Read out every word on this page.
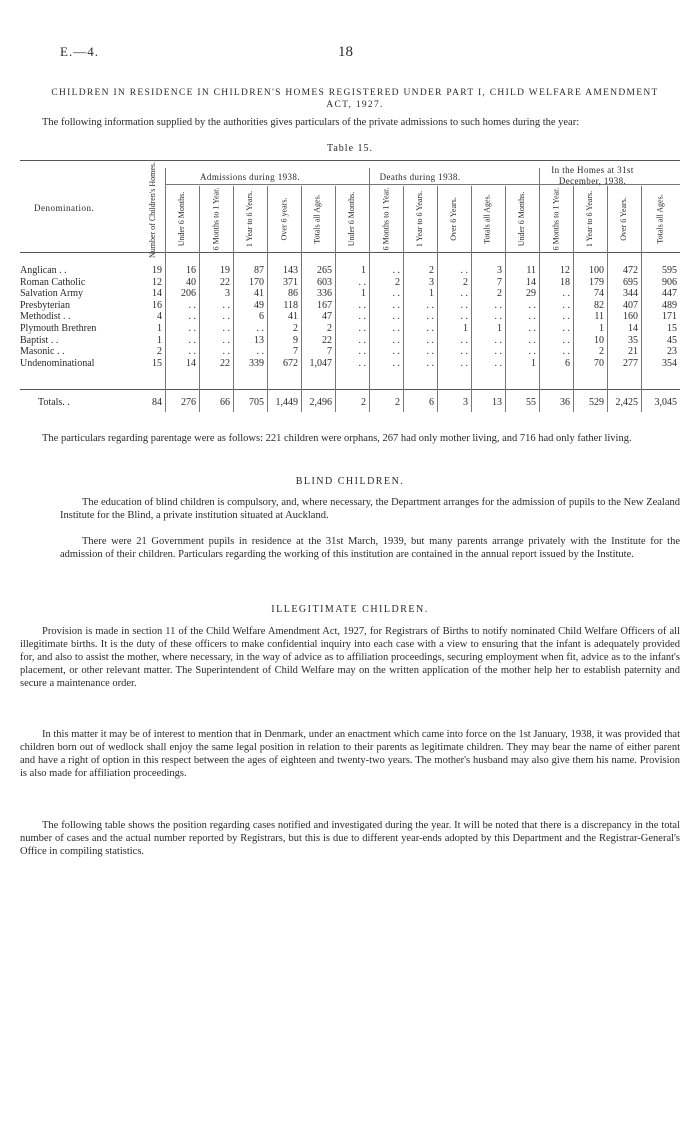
E.—4.	18
CHILDREN IN RESIDENCE IN CHILDREN'S HOMES REGISTERED UNDER PART I, CHILD WELFARE AMENDMENT ACT, 1927.

The following information supplied by the authorities gives particulars of the private admissions to such homes during the year:

Table 15.
Denomination.
Admissions during 1938.	Deaths during 1938.
In the Homes at 31st December, 1938.
Number of Children's Homes.	Under 6 Months.	6 Months to 1 Year.	1 Year to 6 Years.	Over 6 years.	Totals all Ages.	Under 6 Months.	6 Months to 1 Year.	1 Year to 6 Years.	Over 6 Years.	Totals all Ages.	Under 6 Months.	6 Months to 1 Year.	1 Year to 6 Years.	Over 6 Years.	Totals all Ages.
Anglican . .	19	16	19	87	143	265	1	. .	2	. .	3	11	12	100	472	595
Roman Catholic	12	40	22	170	371	603	. .	2	3	2	7	14	18	179	695	906
Salvation Army	14	206	3	41	86	336	1	. .	1	. .	2	29	. .	74	344	447
Presbyterian	16	. .	. .	49	118	167	. .	. .	. .	. .	. .	. .	. .	82	407	489
Methodist . .	4	. .	. .	6	41	47	. .	. .	. .	. .	. .	. .	. .	11	160	171
Plymouth Brethren	1	. .	. .	. .	2	2	. .	. .	. .	1	1	. .	. .	1	14	15
Baptist . .	1	. .	. .	13	9	22	. .	. .	. .	. .	. .	. .	. .	10	35	45
Masonic . .	2	. .	. .	. .	7	7	. .	. .	. .	. .	. .	. .	. .	2	21	23
Undenominational	15	14	22	339	672	1,047	. .	. .	. .	. .	. .	1	6	70	277	354
Totals. .	84	276	66	705	1,449	2,496	2	2	6	3	13	55	36	529	2,425	3,045

The particulars regarding parentage were as follows: 221 children were orphans, 267 had only mother living, and 716 had only father living.

BLIND CHILDREN.

The education of blind children is compulsory, and, where necessary, the Department arranges for the admission of pupils to the New Zealand Institute for the Blind, a private institution situated at Auckland.

There were 21 Government pupils in residence at the 31st March, 1939, but many parents arrange privately with the Institute for the admission of their children. Particulars regarding the working of this institution are contained in the annual report issued by the Institute.

ILLEGITIMATE CHILDREN.

Provision is made in section 11 of the Child Welfare Amendment Act, 1927, for Registrars of Births to notify nominated Child Welfare Officers of all illegitimate births. It is the duty of these officers to make confidential inquiry into each case with a view to ensuring that the infant is adequately provided for, and also to assist the mother, where necessary, in the way of advice as to affiliation proceedings, securing employment when fit, advice as to the infant's placement, or other relevant matter. The Superintendent of Child Welfare may on the written application of the mother help her to establish paternity and secure a maintenance order.

In this matter it may be of interest to mention that in Denmark, under an enactment which came into force on the 1st January, 1938, it was provided that children born out of wedlock shall enjoy the same legal position in relation to their parents as legitimate children. They may bear the name of either parent and have a right of option in this respect between the ages of eighteen and twenty-two years. The mother's husband may also give them his name. Provision is also made for affiliation proceedings.

The following table shows the position regarding cases notified and investigated during the year. It will be noted that there is a discrepancy in the total number of cases and the actual number reported by Registrars, but this is due to different year-ends adopted by this Department and the Registrar-General's Office in compiling statistics.
